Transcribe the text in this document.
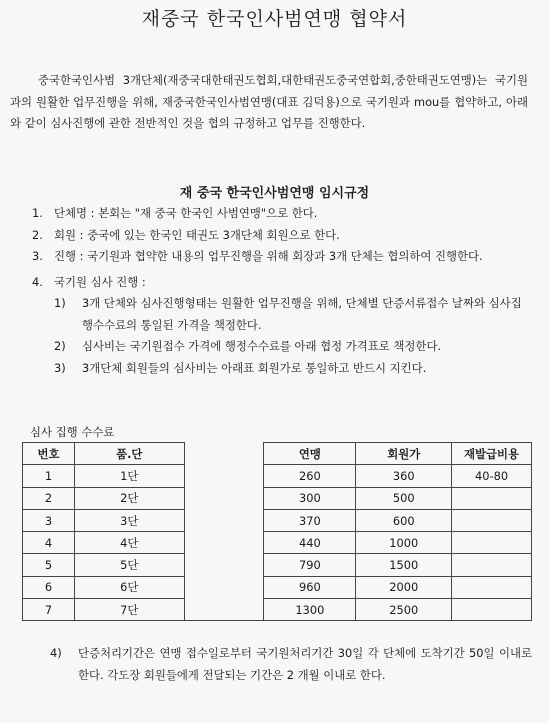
재중국 한국인사범연맹 협약서

중국한국인사범 3개단체(재중국대한태권도협회,대한태권도중국연합회,중한태권도연맹)는 국기원과의 원활한 업무진행을 위해, 재중국한국인사범연맹(대표 김덕용)으로 국기원과 mou를 협약하고, 아래와 같이 심사진행에 관한 전반적인 것을 협의 규정하고 업무를 진행한다.

재 중국 한국인사범연맹 임시규정
1. 단체명 : 본회는 "재 중국 한국인 사범연맹"으로 한다.
2. 회원 : 중국에 있는 한국인 태권도 3개단체 회원으로 한다.
3. 진행 : 국기원과 협약한 내용의 업무진행을 위해 회장과 3개 단체는 협의하여 진행한다.
4. 국기원 심사 진행 :
1)	3개 단체와 심사진행형태는 원활한 업무진행을 위해, 단체별 단증서류접수 날짜와 심사집행수수료의 통일된 가격을 책정한다.
2)	심사비는 국기원접수 가격에 행정수수료를 아래 협정 가격표로 책정한다.
3)	3개단체 회원들의 심사비는 아래표 회원가로 통일하고 반드시 지킨다.
심사 집행 수수료
번호	품.단		연맹	회원가	재발급비용
1	1단		260	360	40-80
2	2단		300	500	
3	3단		370	600	
4	4단		440	1000	
5	5단		790	1500	
6	6단		960	2000	
7	7단		1300	2500	
4)	단증처리기간은 연맹 접수일로부터 국기원처리기간 30일 각 단체에 도착기간 50일 이내로 한다. 각도장 회원들에게 전달되는 기간은 2 개월 이내로 한다.
